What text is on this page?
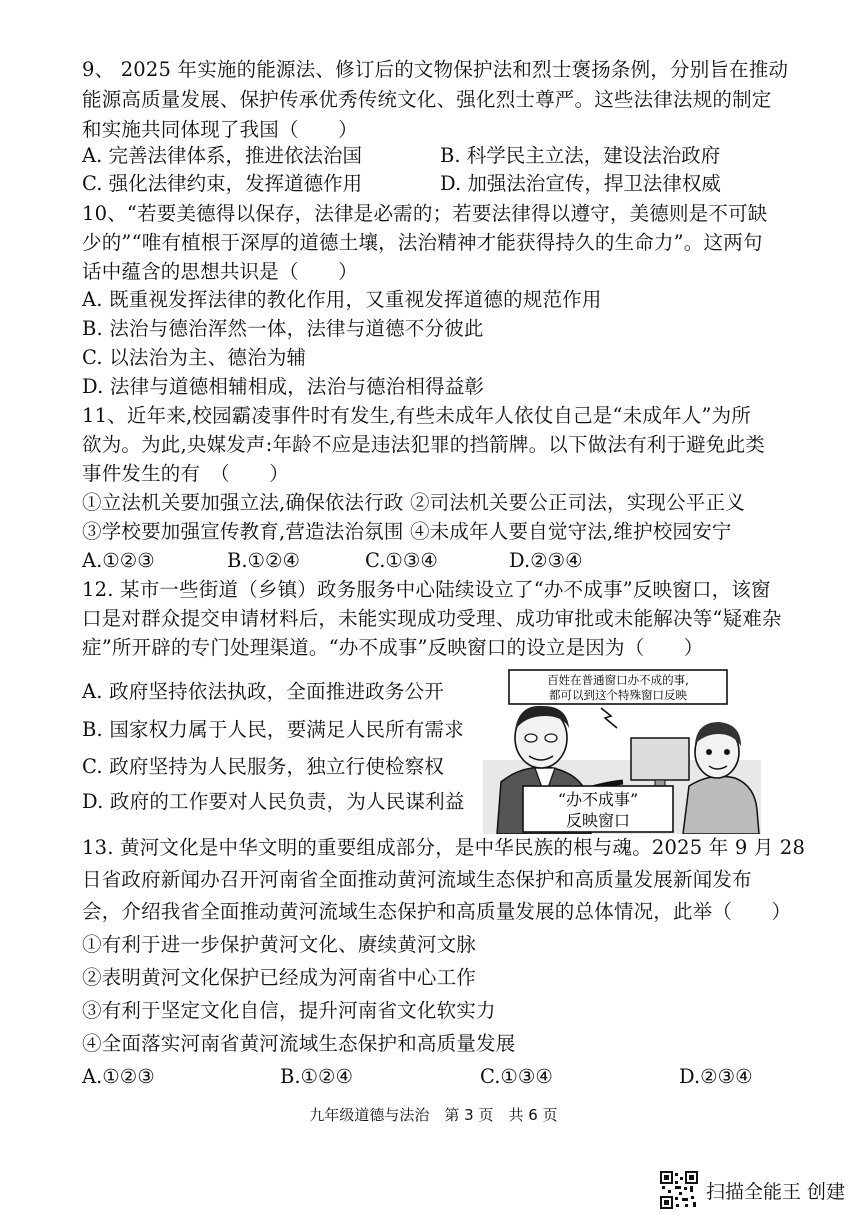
9、 2025 年实施的能源法、修订后的文物保护法和烈士褒扬条例，分别旨在推动
能源高质量发展、保护传承优秀传统文化、强化烈士尊严。这些法律法规的制定
和实施共同体现了我国（　　）
A. 完善法律体系，推进依法治国	B. 科学民主立法，建设法治政府
C. 强化法律约束，发挥道德作用	D. 加强法治宣传，捍卫法律权威
10、“若要美德得以保存，法律是必需的；若要法律得以遵守，美德则是不可缺
少的”“唯有植根于深厚的道德土壤，法治精神才能获得持久的生命力”。这两句
话中蕴含的思想共识是（　　）
A. 既重视发挥法律的教化作用，又重视发挥道德的规范作用
B. 法治与德治浑然一体，法律与道德不分彼此
C. 以法治为主、德治为辅
D. 法律与道德相辅相成，法治与德治相得益彰
11、近年来,校园霸凌事件时有发生,有些未成年人依仗自己是“未成年人”为所
欲为。为此,央媒发声:年龄不应是违法犯罪的挡箭牌。以下做法有利于避免此类
事件发生的有　（　　）
①立法机关要加强立法,确保依法行政 ②司法机关要公正司法，实现公平正义
③学校要加强宣传教育,营造法治氛围 ④未成年人要自觉守法,维护校园安宁
A.①②③	B.①②④	C.①③④	D.②③④
12. 某市一些街道（乡镇）政务服务中心陆续设立了“办不成事”反映窗口，该窗
口是对群众提交申请材料后，未能实现成功受理、成功审批或未能解决等“疑难杂
症”所开辟的专门处理渠道。“办不成事”反映窗口的设立是因为（　　）
A. 政府坚持依法执政，全面推进政务公开
B. 国家权力属于人民，要满足人民所有需求
C. 政府坚持为人民服务，独立行使检察权
D. 政府的工作要对人民负责，为人民谋利益
百姓在普通窗口办不成的事,
都可以到这个特殊窗口反映
“办不成事”
反映窗口
13. 黄河文化是中华文明的重要组成部分，是中华民族的根与魂。2025 年 9 月 28
日省政府新闻办召开河南省全面推动黄河流域生态保护和高质量发展新闻发布
会，介绍我省全面推动黄河流域生态保护和高质量发展的总体情况，此举（　　）
①有利于进一步保护黄河文化、赓续黄河文脉
②表明黄河文化保护已经成为河南省中心工作
③有利于坚定文化自信，提升河南省文化软实力
④全面落实河南省黄河流域生态保护和高质量发展
A.①②③	B.①②④	C.①③④	D.②③④
九年级道德与法治　第 3 页　共 6 页
扫描全能王 创建
